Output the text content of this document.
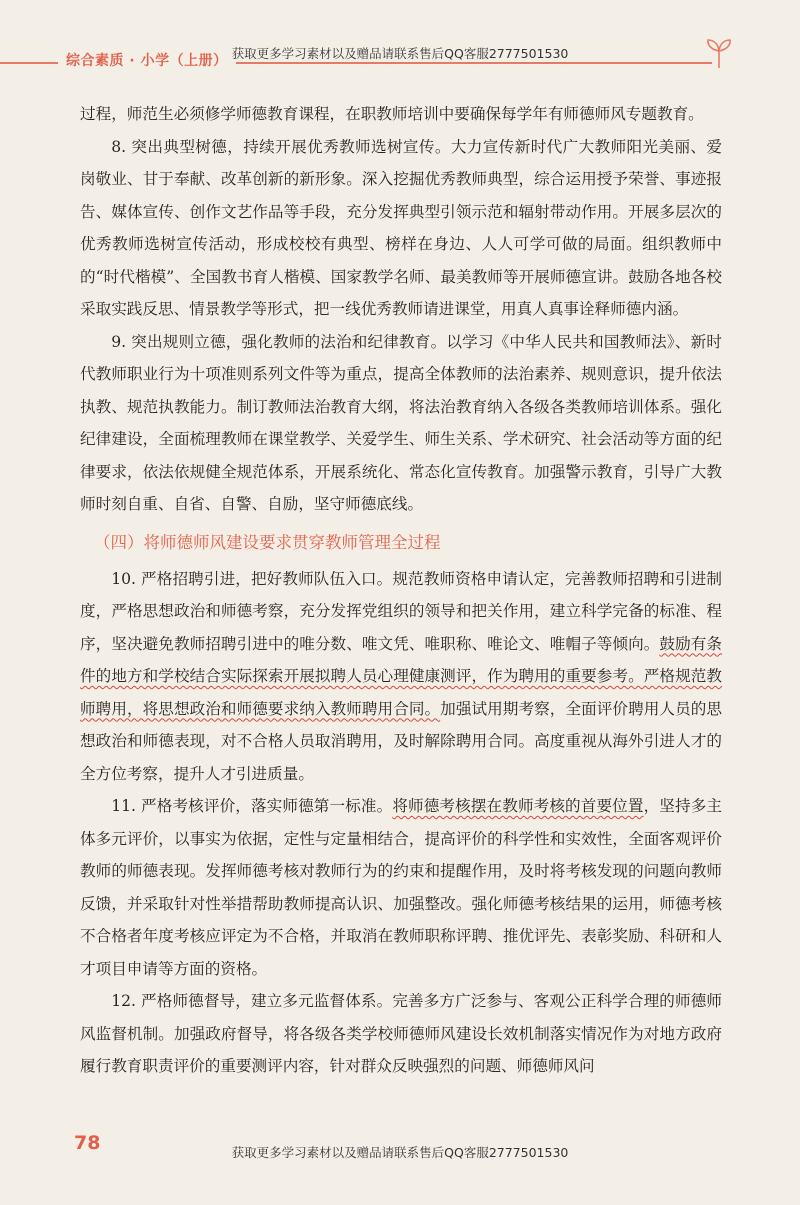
综合素质 · 小学（上册） 获取更多学习素材以及赠品请联系售后QQ客服2777501530

过程，师范生必须修学师德教育课程，在职教师培训中要确保每学年有师德师风专题教育。

8. 突出典型树德，持续开展优秀教师选树宣传。大力宣传新时代广大教师阳光美丽、爱岗敬业、甘于奉献、改革创新的新形象。深入挖掘优秀教师典型，综合运用授予荣誉、事迹报告、媒体宣传、创作文艺作品等手段，充分发挥典型引领示范和辐射带动作用。开展多层次的优秀教师选树宣传活动，形成校校有典型、榜样在身边、人人可学可做的局面。组织教师中的“时代楷模”、全国教书育人楷模、国家教学名师、最美教师等开展师德宣讲。鼓励各地各校采取实践反思、情景教学等形式，把一线优秀教师请进课堂，用真人真事诠释师德内涵。

9. 突出规则立德，强化教师的法治和纪律教育。以学习《中华人民共和国教师法》、新时代教师职业行为十项准则系列文件等为重点，提高全体教师的法治素养、规则意识，提升依法执教、规范执教能力。制订教师法治教育大纲，将法治教育纳入各级各类教师培训体系。强化纪律建设，全面梳理教师在课堂教学、关爱学生、师生关系、学术研究、社会活动等方面的纪律要求，依法依规健全规范体系，开展系统化、常态化宣传教育。加强警示教育，引导广大教师时刻自重、自省、自警、自励，坚守师德底线。

（四）将师德师风建设要求贯穿教师管理全过程

10. 严格招聘引进，把好教师队伍入口。规范教师资格申请认定，完善教师招聘和引进制度，严格思想政治和师德考察，充分发挥党组织的领导和把关作用，建立科学完备的标准、程序，坚决避免教师招聘引进中的唯分数、唯文凭、唯职称、唯论文、唯帽子等倾向。鼓励有条件的地方和学校结合实际探索开展拟聘人员心理健康测评，作为聘用的重要参考。严格规范教师聘用，将思想政治和师德要求纳入教师聘用合同。加强试用期考察，全面评价聘用人员的思想政治和师德表现，对不合格人员取消聘用，及时解除聘用合同。高度重视从海外引进人才的全方位考察，提升人才引进质量。

11. 严格考核评价，落实师德第一标准。将师德考核摆在教师考核的首要位置，坚持多主体多元评价，以事实为依据，定性与定量相结合，提高评价的科学性和实效性，全面客观评价教师的师德表现。发挥师德考核对教师行为的约束和提醒作用，及时将考核发现的问题向教师反馈，并采取针对性举措帮助教师提高认识、加强整改。强化师德考核结果的运用，师德考核不合格者年度考核应评定为不合格，并取消在教师职称评聘、推优评先、表彰奖励、科研和人才项目申请等方面的资格。

12. 严格师德督导，建立多元监督体系。完善多方广泛参与、客观公正科学合理的师德师风监督机制。加强政府督导，将各级各类学校师德师风建设长效机制落实情况作为对地方政府履行教育职责评价的重要测评内容，针对群众反映强烈的问题、师德师风问

78	获取更多学习素材以及赠品请联系售后QQ客服2777501530
